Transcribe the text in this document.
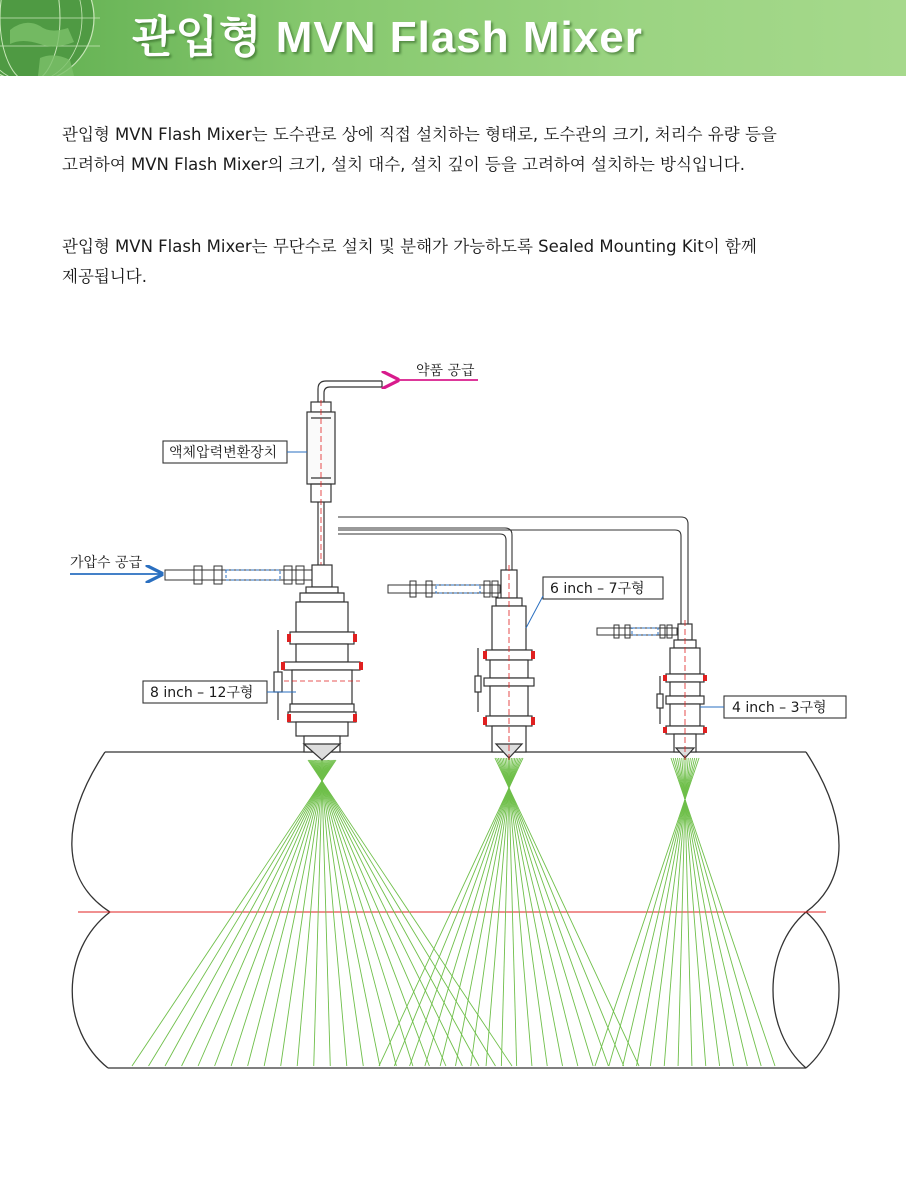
관입형 MVN Flash Mixer
관입형 MVN Flash Mixer는 도수관로 상에 직접 설치하는 형태로, 도수관의 크기, 처리수 유량 등을
고려하여 MVN Flash Mixer의 크기, 설치 대수, 설치 깊이 등을 고려하여 설치하는 방식입니다.
관입형 MVN Flash Mixer는 무단수로 설치 및 분해가 가능하도록 Sealed Mounting Kit이 함께
제공됩니다.
약품 공급
액체압력변환장치
가압수 공급
8 inch – 12구형
6 inch – 7구형
4 inch – 3구형
